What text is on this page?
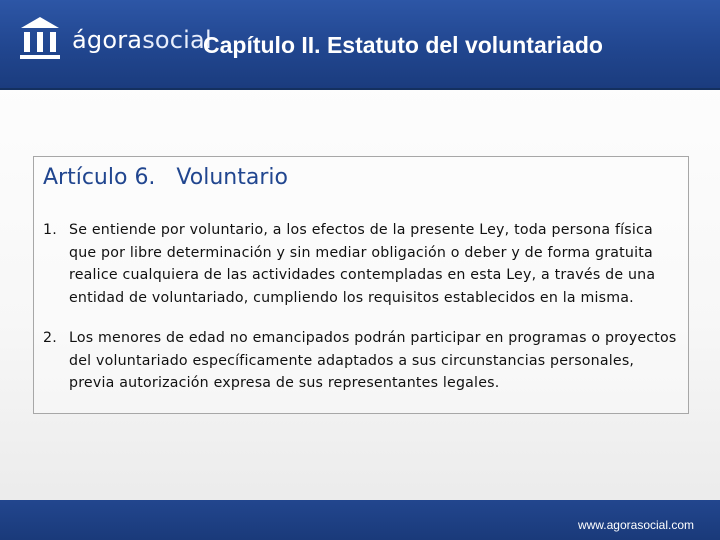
ágorasocial
Capítulo II. Estatuto del voluntariado
Artículo 6.   Voluntario
1. Se entiende por voluntario, a los efectos de la presente Ley, toda persona física que por libre determinación y sin mediar obligación o deber y de forma gratuita realice cualquiera de las actividades contempladas en esta Ley, a través de una entidad de voluntariado, cumpliendo los requisitos establecidos en la misma.
2. Los menores de edad no emancipados podrán participar en programas o proyectos del voluntariado específicamente adaptados a sus circunstancias personales, previa autorización expresa de sus representantes legales.
www.agorasocial.com
